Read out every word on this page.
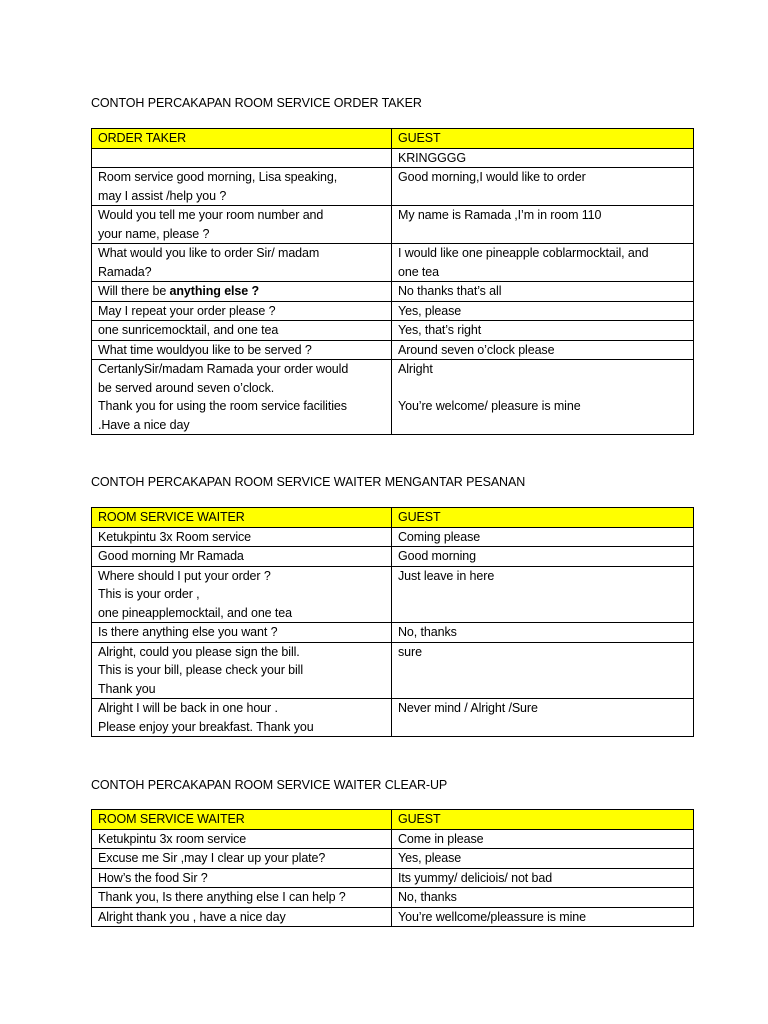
CONTOH PERCAKAPAN ROOM SERVICE ORDER TAKER
ORDER TAKER	GUEST

	KRINGGGG

Room service good morning, Lisa speaking,
may I assist /help you ?	Good morning,I would like to order

Would you tell me your room number and
your name, please ?	My name is Ramada ,I’m in room 110

What would you like to order Sir/ madam
Ramada?	I would like one pineapple coblarmocktail, and
one tea

Will there be anything else ?	No thanks that’s all

May I repeat your order please ?	Yes, please

one sunricemocktail, and one tea	Yes, that’s right

What time wouldyou like to be served ?	Around seven o’clock please

CertanlySir/madam Ramada your order would
be served around seven o’clock.
Thank you for using the room service facilities
.Have a nice day	Alright
You’re welcome/ pleasure is mine
CONTOH PERCAKAPAN ROOM SERVICE WAITER MENGANTAR PESANAN
ROOM SERVICE WAITER	GUEST

Ketukpintu 3x Room service	Coming please

Good morning Mr Ramada	Good morning

Where should I put your order ?
This is your order ,
one pineapplemocktail, and one tea	Just leave in here

Is there anything else you want ?	No, thanks

Alright, could you please sign the bill.
This is your bill, please check your bill
Thank you	sure

Alright I will be back in one hour .
Please enjoy your breakfast. Thank you	Never mind / Alright /Sure
CONTOH PERCAKAPAN ROOM SERVICE WAITER CLEAR-UP
ROOM SERVICE WAITER	GUEST

Ketukpintu 3x room service	Come in please

Excuse me Sir ,may I clear up your plate?	Yes, please

How’s the food Sir ?	Its yummy/ deliciois/ not bad

Thank you, Is there anything else I can help ?	No, thanks

Alright thank you , have a nice day	You’re wellcome/pleassure is mine
